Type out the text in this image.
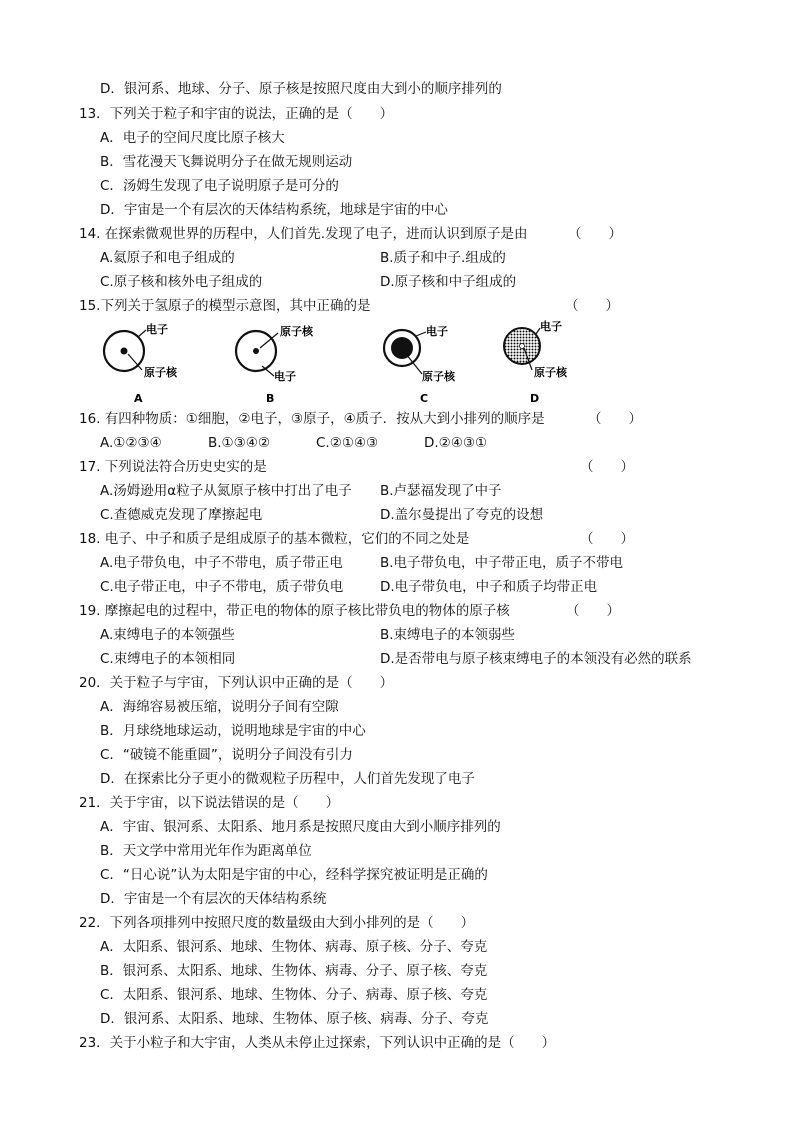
D．银河系、地球、分子、原子核是按照尺度由大到小的顺序排列的
13．下列关于粒子和宇宙的说法，正确的是（　　）
A．电子的空间尺度比原子核大
B．雪花漫天飞舞说明分子在做无规则运动
C．汤姆生发现了电子说明原子是可分的
D．宇宙是一个有层次的天体结构系统，地球是宇宙的中心
14. 在探索微观世界的历程中，人们首先.发现了电子，进而认识到原子是由	（　　）
A.氦原子和电子组成的	B.质子和中子.组成的
C.原子核和核外电子组成的	D.原子核和中子组成的
15.下列关于氢原子的模型示意图，其中正确的是	（　　）
电子
原子核
A
原子核
电子
B
电子
原子核
C
电子
原子核
D
16. 有四种物质：①细胞，②电子，③原子，④质子．按从大到小排列的顺序是	（　　）
A.①②③④	B.①③④②	C.②①④③	D.②④③①
17. 下列说法符合历史史实的是	（　　）
A.汤姆逊用α粒子从氮原子核中打出了电子 B.卢瑟福发现了中子
C.查德威克发现了摩擦起电	D.盖尔曼提出了夸克的设想
18. 电子、中子和质子是组成原子的基本微粒，它们的不同之处是	（　　）
A.电子带负电，中子不带电，质子带正电	B.电子带负电，中子带正电，质子不带电
C.电子带正电，中子不带电，质子带负电	D.电子带负电，中子和质子均带正电
19. 摩擦起电的过程中，带正电的物体的原子核比带负电的物体的原子核	（　　）
A.束缚电子的本领强些	B.束缚电子的本领弱些
C.束缚电子的本领相同	D.是否带电与原子核束缚电子的本领没有必然的联系
20．关于粒子与宇宙，下列认识中正确的是（　　）
A．海绵容易被压缩，说明分子间有空隙
B．月球绕地球运动，说明地球是宇宙的中心
C．“破镜不能重圆”，说明分子间没有引力
D．在探索比分子更小的微观粒子历程中，人们首先发现了电子
21．关于宇宙，以下说法错误的是（　　）
A．宇宙、银河系、太阳系、地月系是按照尺度由大到小顺序排列的
B．天文学中常用光年作为距离单位
C．“日心说”认为太阳是宇宙的中心，经科学探究被证明是正确的
D．宇宙是一个有层次的天体结构系统
22．下列各项排列中按照尺度的数量级由大到小排列的是（　　）
A．太阳系、银河系、地球、生物体、病毒、原子核、分子、夸克
B．银河系、太阳系、地球、生物体、病毒、分子、原子核、夸克
C．太阳系、银河系、地球、生物体、分子、病毒、原子核、夸克
D．银河系、太阳系、地球、生物体、原子核、病毒、分子、夸克
23．关于小粒子和大宇宙，人类从未停止过探索，下列认识中正确的是（　　）
